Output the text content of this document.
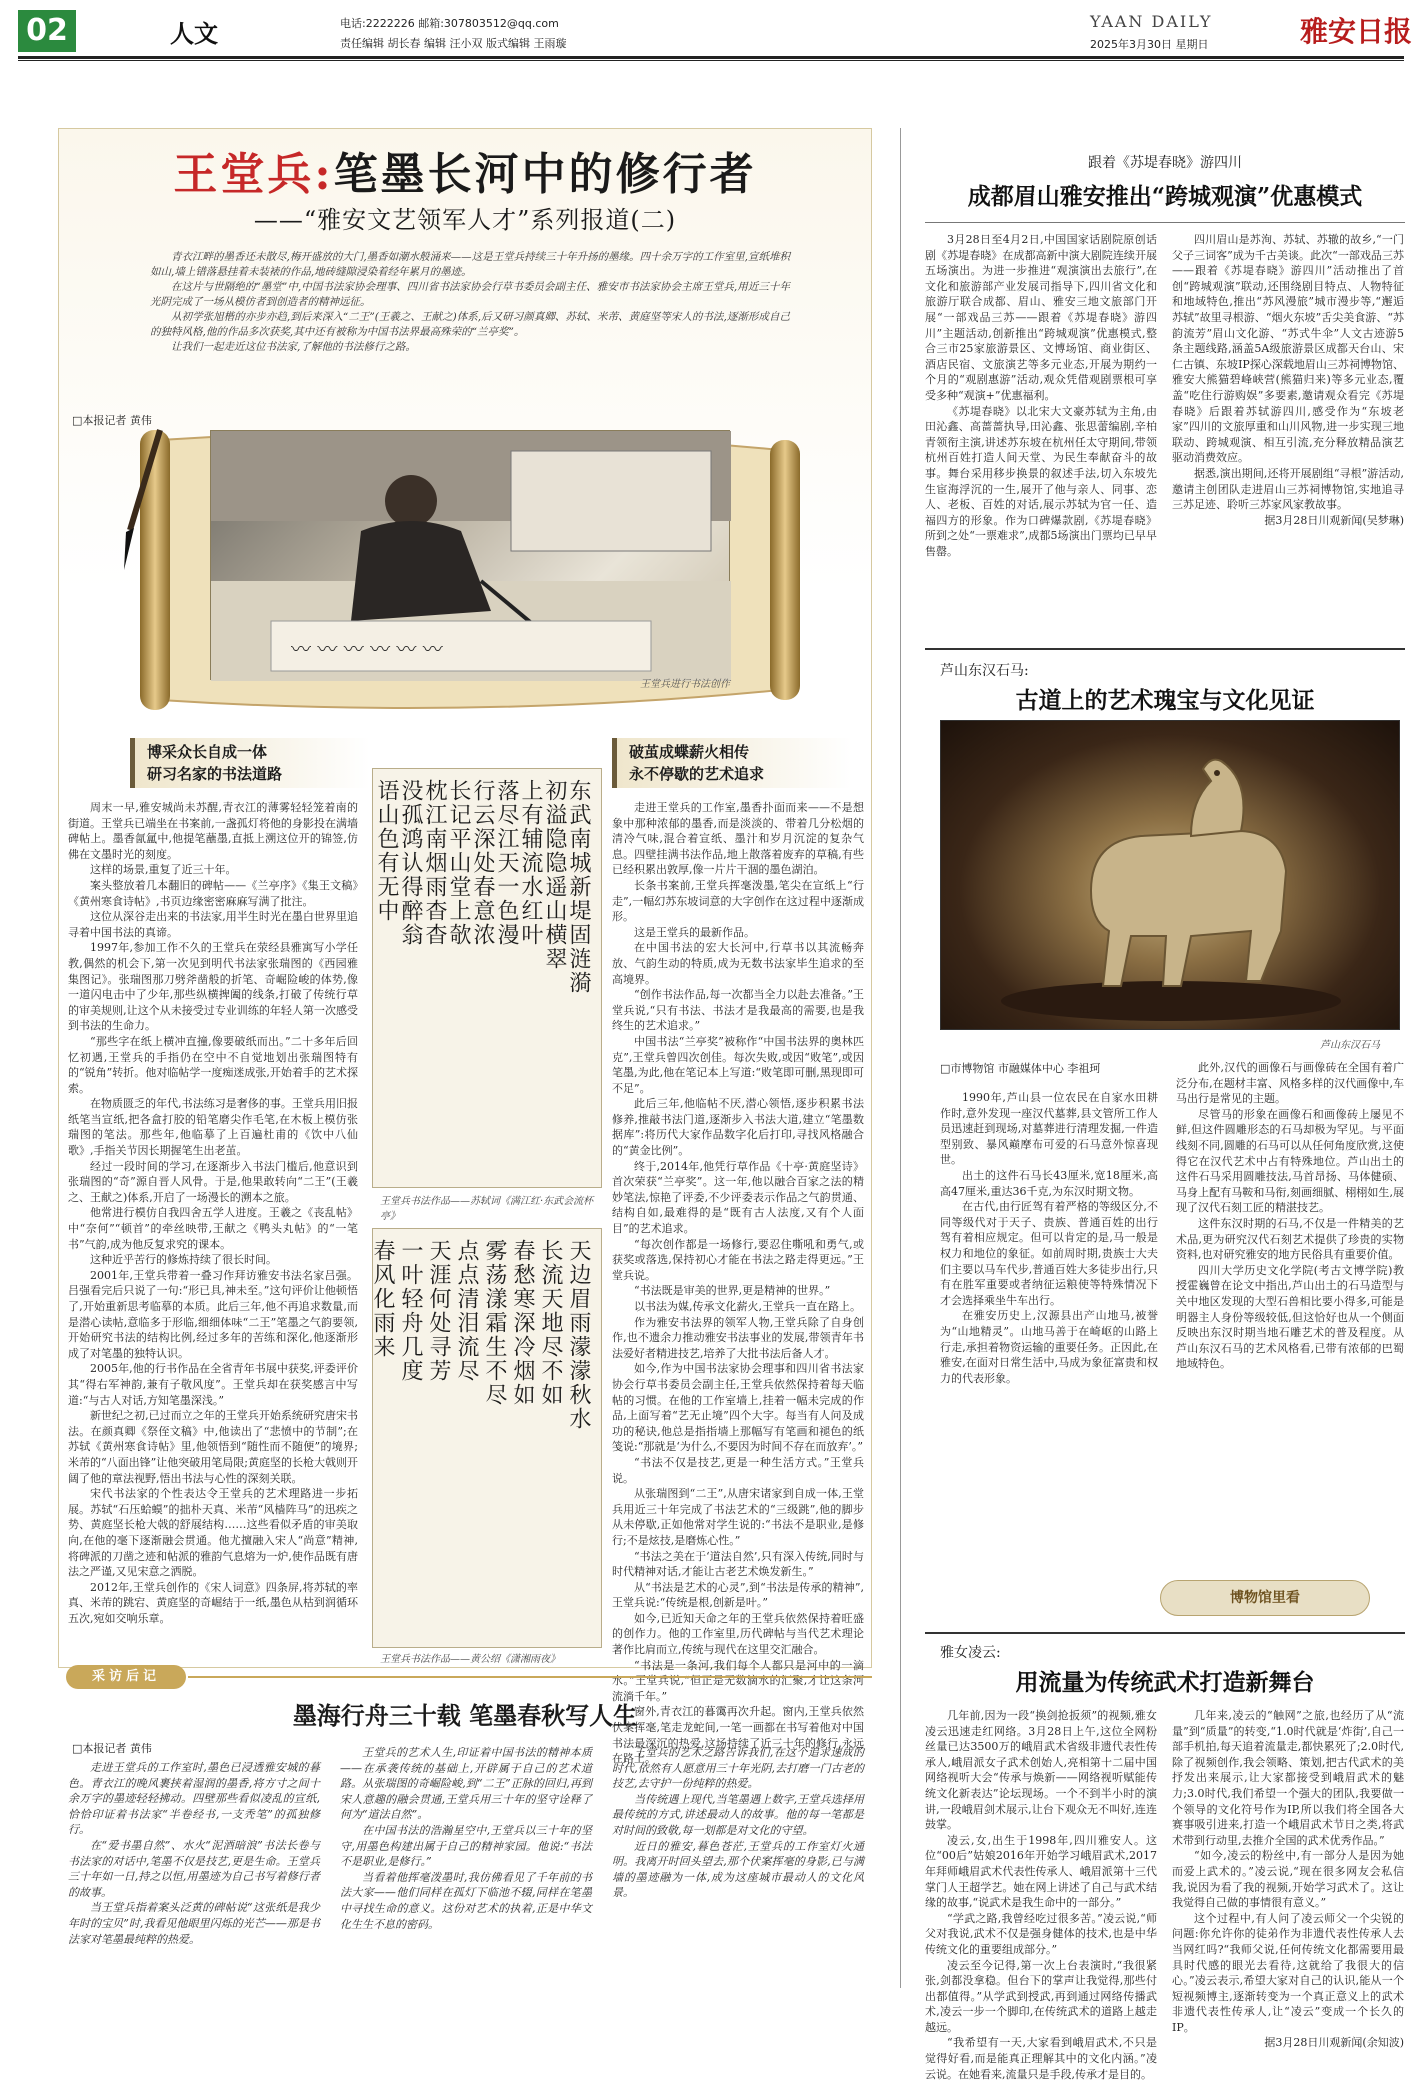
02	人文	电话:2222226 邮箱:307803512@qq.com
责任编辑 胡长春 编辑 汪小双 版式编辑 王雨璇
YAAN DAILY
2025年3月30日 星期日	雅安日报
王堂兵:笔墨长河中的修行者
——“雅安文艺领军人才”系列报道(二)

青衣江畔的墨香还未散尽,梅开盛放的大门,墨香如潮水般涌来——这是王堂兵持续三十年升扬的墨缘。四十余万字的工作室里,宣纸堆积如山,墙上错落悬挂着未装裱的作品,地砖缝隙浸染着经年累月的墨迹。

在这片与世隔绝的“墨堂”中,中国书法家协会理事、四川省书法家协会行草书委员会副主任、雅安市书法家协会主席王堂兵,用近三十年光阴完成了一场从模仿者到创造者的精神远征。

从初学张旭楷的亦步亦趋,到后来深入“二王”(王羲之、王献之)体系,后又研习颜真卿、苏轼、米芾、黄庭坚等宋人的书法,逐渐形成自己的独特风格,他的作品多次获奖,其中还有被称为中国书法界最高殊荣的“兰亭奖”。

让我们一起走近这位书法家,了解他的书法修行之路。

□本报记者 黄伟
〰 〰 〰 〰 〰 〰
王堂兵进行书法创作
博采众长自成一体
研习名家的书法道路
破茧成蝶薪火相传
永不停歇的艺术追求

周末一早,雅安城尚未苏醒,青衣江的薄雾轻轻笼着南的街道。王堂兵已端坐在书案前,一盏孤灯将他的身影投在满墙碑帖上。墨香氤氲中,他提笔蘸墨,直抵上溯这位开的锦签,仿佛在文墨时光的刻度。

这样的场景,重复了近三十年。

案头整放着几本翻旧的碑帖——《兰亭序》《集王文稿》《黄州寒食诗帖》,书页边缘密密麻麻写满了批注。

这位从深谷走出来的书法家,用半生时光在墨白世界里追寻着中国书法的真谛。

1997年,参加工作不久的王堂兵在荥经县雅寓写小学任教,偶然的机会下,第一次见到明代书法家张瑞图的《西园雅集图记》。张瑞图那刀劈斧凿般的折笔、奇崛险峻的体势,像一道闪电击中了少年,那些纵横捭阖的线条,打破了传统行草的审美规则,让这个从未接受过专业训练的年轻人第一次感受到书法的生命力。

“那些字在纸上横冲直撞,像要破纸而出。”二十多年后回忆初遇,王堂兵的手指仍在空中不自觉地划出张瑞图特有的“锐角”转折。他对临帖学一度痴迷成张,开始着手的艺术探索。

在物质匮乏的年代,书法练习是奢侈的事。王堂兵用旧报纸笔当宣纸,把各盒打胶的铅笔磨尖作毛笔,在木板上模仿张瑞图的笔法。那些年,他临摹了上百遍杜甫的《饮中八仙歌》,手指关节因长期握笔生出老茧。

经过一段时间的学习,在逐渐步入书法门槛后,他意识到张瑞图的“奇”源自晋人风骨。于是,他果敢转向“二王”(王羲之、王献之)体系,开启了一场漫长的溯本之旅。

他常进行模仿自我四舍五学人进度。王羲之《丧乱帖》中“奈何”“顿首”的牵丝映带,王献之《鸭头丸帖》的“一笔书”气韵,成为他反复求究的课本。

这种近乎苦行的修炼持续了很长时间。

2001年,王堂兵带着一叠习作拜访雅安书法名家吕强。吕强看完后只说了一句:“形已具,神未至。”这句评价让他顿悟了,开始重新思考临摹的本质。此后三年,他不再追求数量,而是潜心读帖,意临多于形临,细细体味“二王”笔墨之气韵要领,开始研究书法的结构比例,经过多年的苦练和深化,他逐渐形成了对笔墨的独特认识。

2005年,他的行书作品在全省青年书展中获奖,评委评价其“得右军神韵,兼有子敬风度”。王堂兵却在获奖感言中写道:“与古人对话,方知笔墨深浅。”

新世纪之初,已过而立之年的王堂兵开始系统研究唐宋书法。在颜真卿《祭侄文稿》中,他读出了“悲愤中的节制”;在苏轼《黄州寒食诗帖》里,他领悟到“随性而不随便”的境界;米芾的“八面出锋”让他突破用笔局限;黄庭坚的长枪大戟则开阔了他的章法视野,悟出书法与心性的深刻关联。

宋代书法家的个性表达令王堂兵的艺术理路进一步拓展。苏轼“石压蛤蟆”的拙朴天真、米芾“风樯阵马”的迅疾之势、黄庭坚长枪大戟的舒展结构……这些看似矛盾的审美取向,在他的毫下逐渐融会贯通。他尤擅融入宋人“尚意”精神,将碑派的刀凿之迹和帖派的雅韵气息熔为一炉,使作品既有唐法之严谨,又见宋意之洒脱。

2012年,王堂兵创作的《宋人词意》四条屏,将苏轼的率真、米芾的跳宕、黄庭坚的奇崛结于一纸,墨色从枯到润循环五次,宛如交响乐章。

东武南城新堤固涟漪
初溢隐隐遥山横翠
上有辅流水红叶
落尽江天一色漫
行云深处春意浓
长记平山堂上欹
枕江南烟雨杳杳
没孤鸿认得醉翁
语山色有无中
王堂兵书法作品——苏轼词《满江红·东武会流杯亭》
天边眉雨濛濛秋水
长流天地尽不如
春愁寒深冷烟如
雾荡漾霜生不尽
点点清泪流尽
天涯何处寻芳
一叶轻舟几度
春风化雨来
王堂兵书法作品——黄公绍《潇湘雨夜》

走进王堂兵的工作室,墨香扑面而来——不是想象中那种浓郁的墨香,而是淡淡的、带着几分松烟的清冷气味,混合着宣纸、墨汁和岁月沉淀的复杂气息。四壁挂满书法作品,地上散落着废弃的草稿,有些已经积累出敦厚,像一片片干涸的墨色湖泊。

长条书案前,王堂兵挥毫泼墨,笔尖在宣纸上“行走”,一幅幻苏东坡词意的大字创作在这过程中逐渐成形。

这是王堂兵的最新作品。

在中国书法的宏大长河中,行草书以其流畅奔放、气韵生动的特质,成为无数书法家毕生追求的至高境界。

“创作书法作品,每一次都当全力以赴去准备。”王堂兵说,“只有书法、书法才是我最高的需要,也是我终生的艺术追求。”

中国书法“兰亭奖”被称作“中国书法界的奥林匹克”,王堂兵曾四次创佳。每次失败,或因“败笔”,或因笔墨,为此,他在笔记本上写道:“败笔即可删,黑现即可不足”。

此后三年,他临帖不厌,潜心领悟,逐步积累书法修养,推敲书法门道,逐渐步入书法大道,建立“笔墨数据库”:将历代大家作品数字化后打印,寻找风格融合的“黄金比例”。

终于,2014年,他凭行草作品《十亭·黄庭坚诗》首次荣获“兰亭奖”。这一年,他以融合百家之法的精妙笔法,惊艳了评委,不少评委表示作品之气韵贯通、结构自如,最难得的是“既有古人法度,又有个人面目”的艺术追求。

“每次创作都是一场修行,要忍住嘶吼和勇气,或获奖或落选,保持初心才能在书法之路走得更远。”王堂兵说。

“书法既是审美的世界,更是精神的世界。”

以书法为媒,传承文化薪火,王堂兵一直在路上。

作为雅安书法界的领军人物,王堂兵除了自身创作,也不遗余力推动雅安书法事业的发展,带领青年书法爱好者精进技艺,培养了大批书法后备人才。

如今,作为中国书法家协会理事和四川省书法家协会行草书委员会副主任,王堂兵依然保持着每天临帖的习惯。在他的工作室墙上,挂着一幅未完成的作品,上面写着“艺无止境”四个大字。每当有人问及成功的秘诀,他总是指指墙上那幅写有笔画和褪色的纸笺说:“那就是‘为什么,不要因为时间不存在而放弃’。”

“书法不仅是技艺,更是一种生活方式。”王堂兵说。

从张瑞图到“二王”,从唐宋诸家到自成一体,王堂兵用近三十年完成了书法艺术的“三级跳”,他的脚步从未停歇,正如他常对学生说的:“书法不是职业,是修行;不是炫技,是磨炼心性。”

“书法之美在于‘道法自然’,只有深入传统,同时与时代精神对话,才能让古老艺术焕发新生。”

从“书法是艺术的心灵”,到“书法是传承的精神”,王堂兵说:“传统是根,创新是叶。”

如今,已近知天命之年的王堂兵依然保持着旺盛的创作力。他的工作室里,历代碑帖与当代艺术理论著作比肩而立,传统与现代在这里交汇融合。

“书法是一条河,我们每个人都只是河中的一滴水。”王堂兵说,“但正是无数滴水的汇聚,才让这条河流淌千年。”

窗外,青衣江的暮霭再次升起。窗内,王堂兵依然伏案挥毫,笔走龙蛇间,一笔一画都在书写着他对中国书法最深沉的热爱,这场持续了近三十年的修行,永远在路上。

采访后记
墨海行舟三十载 笔墨春秋写人生
□本报记者 黄伟

走进王堂兵的工作室时,墨色已浸透雅安城的暮色。青衣江的晚风裹挟着湿润的墨香,将方寸之间十余万字的墨迹轻轻拂动。四壁那些看似凌乱的宣纸,恰恰印证着书法家“半卷经书,一支秃笔”的孤独修行。

在“爱书墨自然”、水火“泥酒暗浪”书法长卷与书法家的对话中,笔墨不仅是技艺,更是生命。王堂兵三十年如一日,持之以恒,用墨迹为自己书写着修行者的故事。

当王堂兵指着案头泛黄的碑帖说“这张纸是我少年时的宝贝”时,我看见他眼里闪烁的光芒——那是书法家对笔墨最纯粹的热爱。

王堂兵的艺术人生,印证着中国书法的精神本质——在承袭传统的基础上,开辟属于自己的艺术道路。从张瑞图的奇崛险峻,到“二王”正脉的回归,再到宋人意趣的融会贯通,王堂兵用三十年的坚守诠释了何为“道法自然”。

在中国书法的浩瀚星空中,王堂兵以三十年的坚守,用墨色构建出属于自己的精神家园。他说:“书法不是职业,是修行。”

当看着他挥毫泼墨时,我仿佛看见了千年前的书法大家——他们同样在孤灯下临池不辍,同样在笔墨中寻找生命的意义。这份对艺术的执着,正是中华文化生生不息的密码。

王堂兵的艺术之路告诉我们,在这个追求速成的时代,依然有人愿意用三十年光阴,去打磨一门古老的技艺,去守护一份纯粹的热爱。

当传统遇上现代,当笔墨遇上数字,王堂兵选择用最传统的方式,讲述最动人的故事。他的每一笔都是对时间的致敬,每一划都是对文化的守望。

近日的雅安,暮色苍茫,王堂兵的工作室灯火通明。我离开时回头望去,那个伏案挥毫的身影,已与满墙的墨迹融为一体,成为这座城市最动人的文化风景。

跟着《苏堤春晓》游四川
成都眉山雅安推出“跨城观演”优惠模式

3月28日至4月2日,中国国家话剧院原创话剧《苏堤春晓》在成都高新中演大剧院连续开展五场演出。为进一步推进“观演演出去旅行”,在文化和旅游部产业发展司指导下,四川省文化和旅游厅联合成都、眉山、雅安三地文旅部门开展“一部戏品三苏——跟着《苏堤春晓》游四川”主题活动,创新推出“跨城观演”优惠模式,整合三市25家旅游景区、文博场馆、商业街区、酒店民宿、文旅演艺等多元业态,开展为期约一个月的“观剧惠游”活动,观众凭借观剧票根可享受多种“观演+”优惠福利。

《苏堤春晓》以北宋大文豪苏轼为主角,由田沁鑫、高蔷蔷执导,田沁鑫、张思蕾编剧,辛柏青领衔主演,讲述苏东坡在杭州任太守期间,带领杭州百姓打造人间天堂、为民生奉献奋斗的故事。舞台采用移步换景的叙述手法,切入东坡先生宦海浮沉的一生,展开了他与亲人、同事、恋人、老板、百姓的对话,展示苏轼为官一任、造福四方的形象。作为口碑爆款剧,《苏堤春晓》所到之处“一票难求”,成都5场演出门票均已早早售罄。

四川眉山是苏洵、苏轼、苏辙的故乡,“一门父子三词客”成为千古美谈。此次“一部戏品三苏——跟着《苏堤春晓》游四川”活动推出了首创“跨城观演”联动,还围绕剧目特点、人物特征和地域特色,推出“苏风漫旅”城市漫步等,“邂逅苏轼”故里寻根游、“烟火东坡”舌尖美食游、“苏韵流芳”眉山文化游、“苏式牛伞”人文古迹游5条主题线路,涵盖5A级旅游景区成都天台山、宋仁古镇、东坡IP探心深载地眉山三苏祠博物馆、雅安大熊猫碧峰峡营(熊猫归来)等多元业态,覆盖“吃住行游购娱”多要素,邀请观众看完《苏堤春晓》后跟着苏轼游四川,感受作为“东坡老家”四川的文旅厚重和山川风物,进一步实现三地联动、跨城观演、相互引流,充分释放精品演艺驱动消费效应。

据悉,演出期间,还将开展剧组“寻根”游活动,邀请主创团队走进眉山三苏祠博物馆,实地追寻三苏足迹、聆听三苏家风家教故事。

据3月28日川观新闻(吴梦琳)

芦山东汉石马:
古道上的艺术瑰宝与文化见证
芦山东汉石马
□市博物馆 市融媒体中心 李祖珂

1990年,芦山县一位农民在自家水田耕作时,意外发现一座汉代墓葬,县文管所工作人员迅速赶到现场,对墓葬进行清理发掘,一件造型别致、暴风巅摩布可爱的石马意外惊喜现世。

出土的这件石马长43厘米,宽18厘米,高高47厘米,重达36千克,为东汉时期文物。

在古代,由行匠驾有着严格的等级区分,不同等级代对于天子、贵族、普通百姓的出行驾有着相应规定。但可以肯定的是,马一般是权力和地位的象征。如前周时期,贵族士大夫们主要以马车代步,普通百姓大多徒步出行,只有在胜军重要或者纳征运粮使等特殊情况下才会选择乘坐牛车出行。

在雅安历史上,汉源县出产山地马,被誉为“山地精灵”。山地马善于在崎岖的山路上行走,承担着物资运输的重要任务。正因此,在雅安,在面对日常生活中,马成为象征富贵和权力的代表形象。

此外,汉代的画像石与画像砖在全国有着广泛分布,在题材丰富、风格多样的汉代画像中,车马出行是常见的主题。

尽管马的形象在画像石和画像砖上屡见不鲜,但这件圆雕形态的石马却极为罕见。与平面线刻不同,圆雕的石马可以从任何角度欣赏,这使得它在汉代艺术中占有特殊地位。芦山出土的这件石马采用圆雕技法,马首昂扬、马体健硕、马身上配有马鞍和马衔,刻画细腻、栩栩如生,展现了汉代石刻工匠的精湛技艺。

这件东汉时期的石马,不仅是一件精美的艺术品,更为研究汉代石刻艺术提供了珍贵的实物资料,也对研究雅安的地方民俗具有重要价值。

四川大学历史文化学院(考古文博学院)教授霍巍曾在论文中指出,芦山出土的石马造型与关中地区发现的大型石兽相比要小得多,可能是明器主人身份等级较低,但这恰好也从一个侧面反映出东汉时期当地石雕艺术的普及程度。从芦山东汉石马的艺术风格看,已带有浓郁的巴蜀地域特色。

博物馆里看
雅女凌云:
用流量为传统武术打造新舞台

几年前,因为一段“换剑抢扳须”的视频,雅女凌云迅速走红网络。3月28日上午,这位全网粉丝量已达3500万的峨眉武术省级非遗代表性传承人,峨眉派女子武术创始人,亮相第十二届中国网络视听大会“传承与焕新——网络视听赋能传统文化新表达”论坛现场。一个不到半小时的演讲,一段峨眉剑术展示,让台下观众无不叫好,连连鼓掌。

凌云,女,出生于1998年,四川雅安人。这位“00后”姑娘2016年开始学习峨眉武术,2017年拜师峨眉武术代表性传承人、峨眉派第十三代掌门人王超学艺。她在网上讲述了自己与武术结缘的故事,“说武术是我生命中的一部分。”

“学武之路,我曾经吃过很多苦。”凌云说,“师父对我说,武术不仅是强身健体的技术,也是中华传统文化的重要组成部分。”

凌云至今记得,第一次上台表演时,“我很紧张,剑都没拿稳。但台下的掌声让我觉得,那些付出都值得。”从学武到授武,再到通过网络传播武术,凌云一步一个脚印,在传统武术的道路上越走越远。

“我希望有一天,大家看到峨眉武术,不只是觉得好看,而是能真正理解其中的文化内涵。”凌云说。在她看来,流量只是手段,传承才是目的。

几年来,凌云的“触网”之旅,也经历了从“流量”到“质量”的转变,“1.0时代就是‘炸街’,自己一部手机拍,每天追着流量走,都快累死了;2.0时代,除了视频创作,我会领略、策划,把古代武术的美抒发出来展示,让大家都接受到峨眉武术的魅力;3.0时代,我们希望一个强大的团队,我要做一个领导的文化符号作为IP,所以我们将全国各大赛事吸引进来,打造一个峨眉武术节日之类,将武术带到行动里,去推介全国的武术优秀作品。”

“如今,凌云的粉丝中,有一部分人是因为她而爱上武术的。”凌云说,“现在很多网友会私信我,说因为看了我的视频,开始学习武术了。这让我觉得自己做的事情很有意义。”

这个过程中,有人问了凌云师父一个尖锐的问题:你允许你的徒弟作为非遗代表性传承人去当网红吗?“我师父说,任何传统文化都需要用最具时代感的眼光去看待,这就给了我很大的信心。”凌云表示,希望大家对自己的认识,能从一个短视频博主,逐渐转变为一个真正意义上的武术非遗代表性传承人,让“凌云”变成一个长久的IP。

据3月28日川观新闻(余知波)
